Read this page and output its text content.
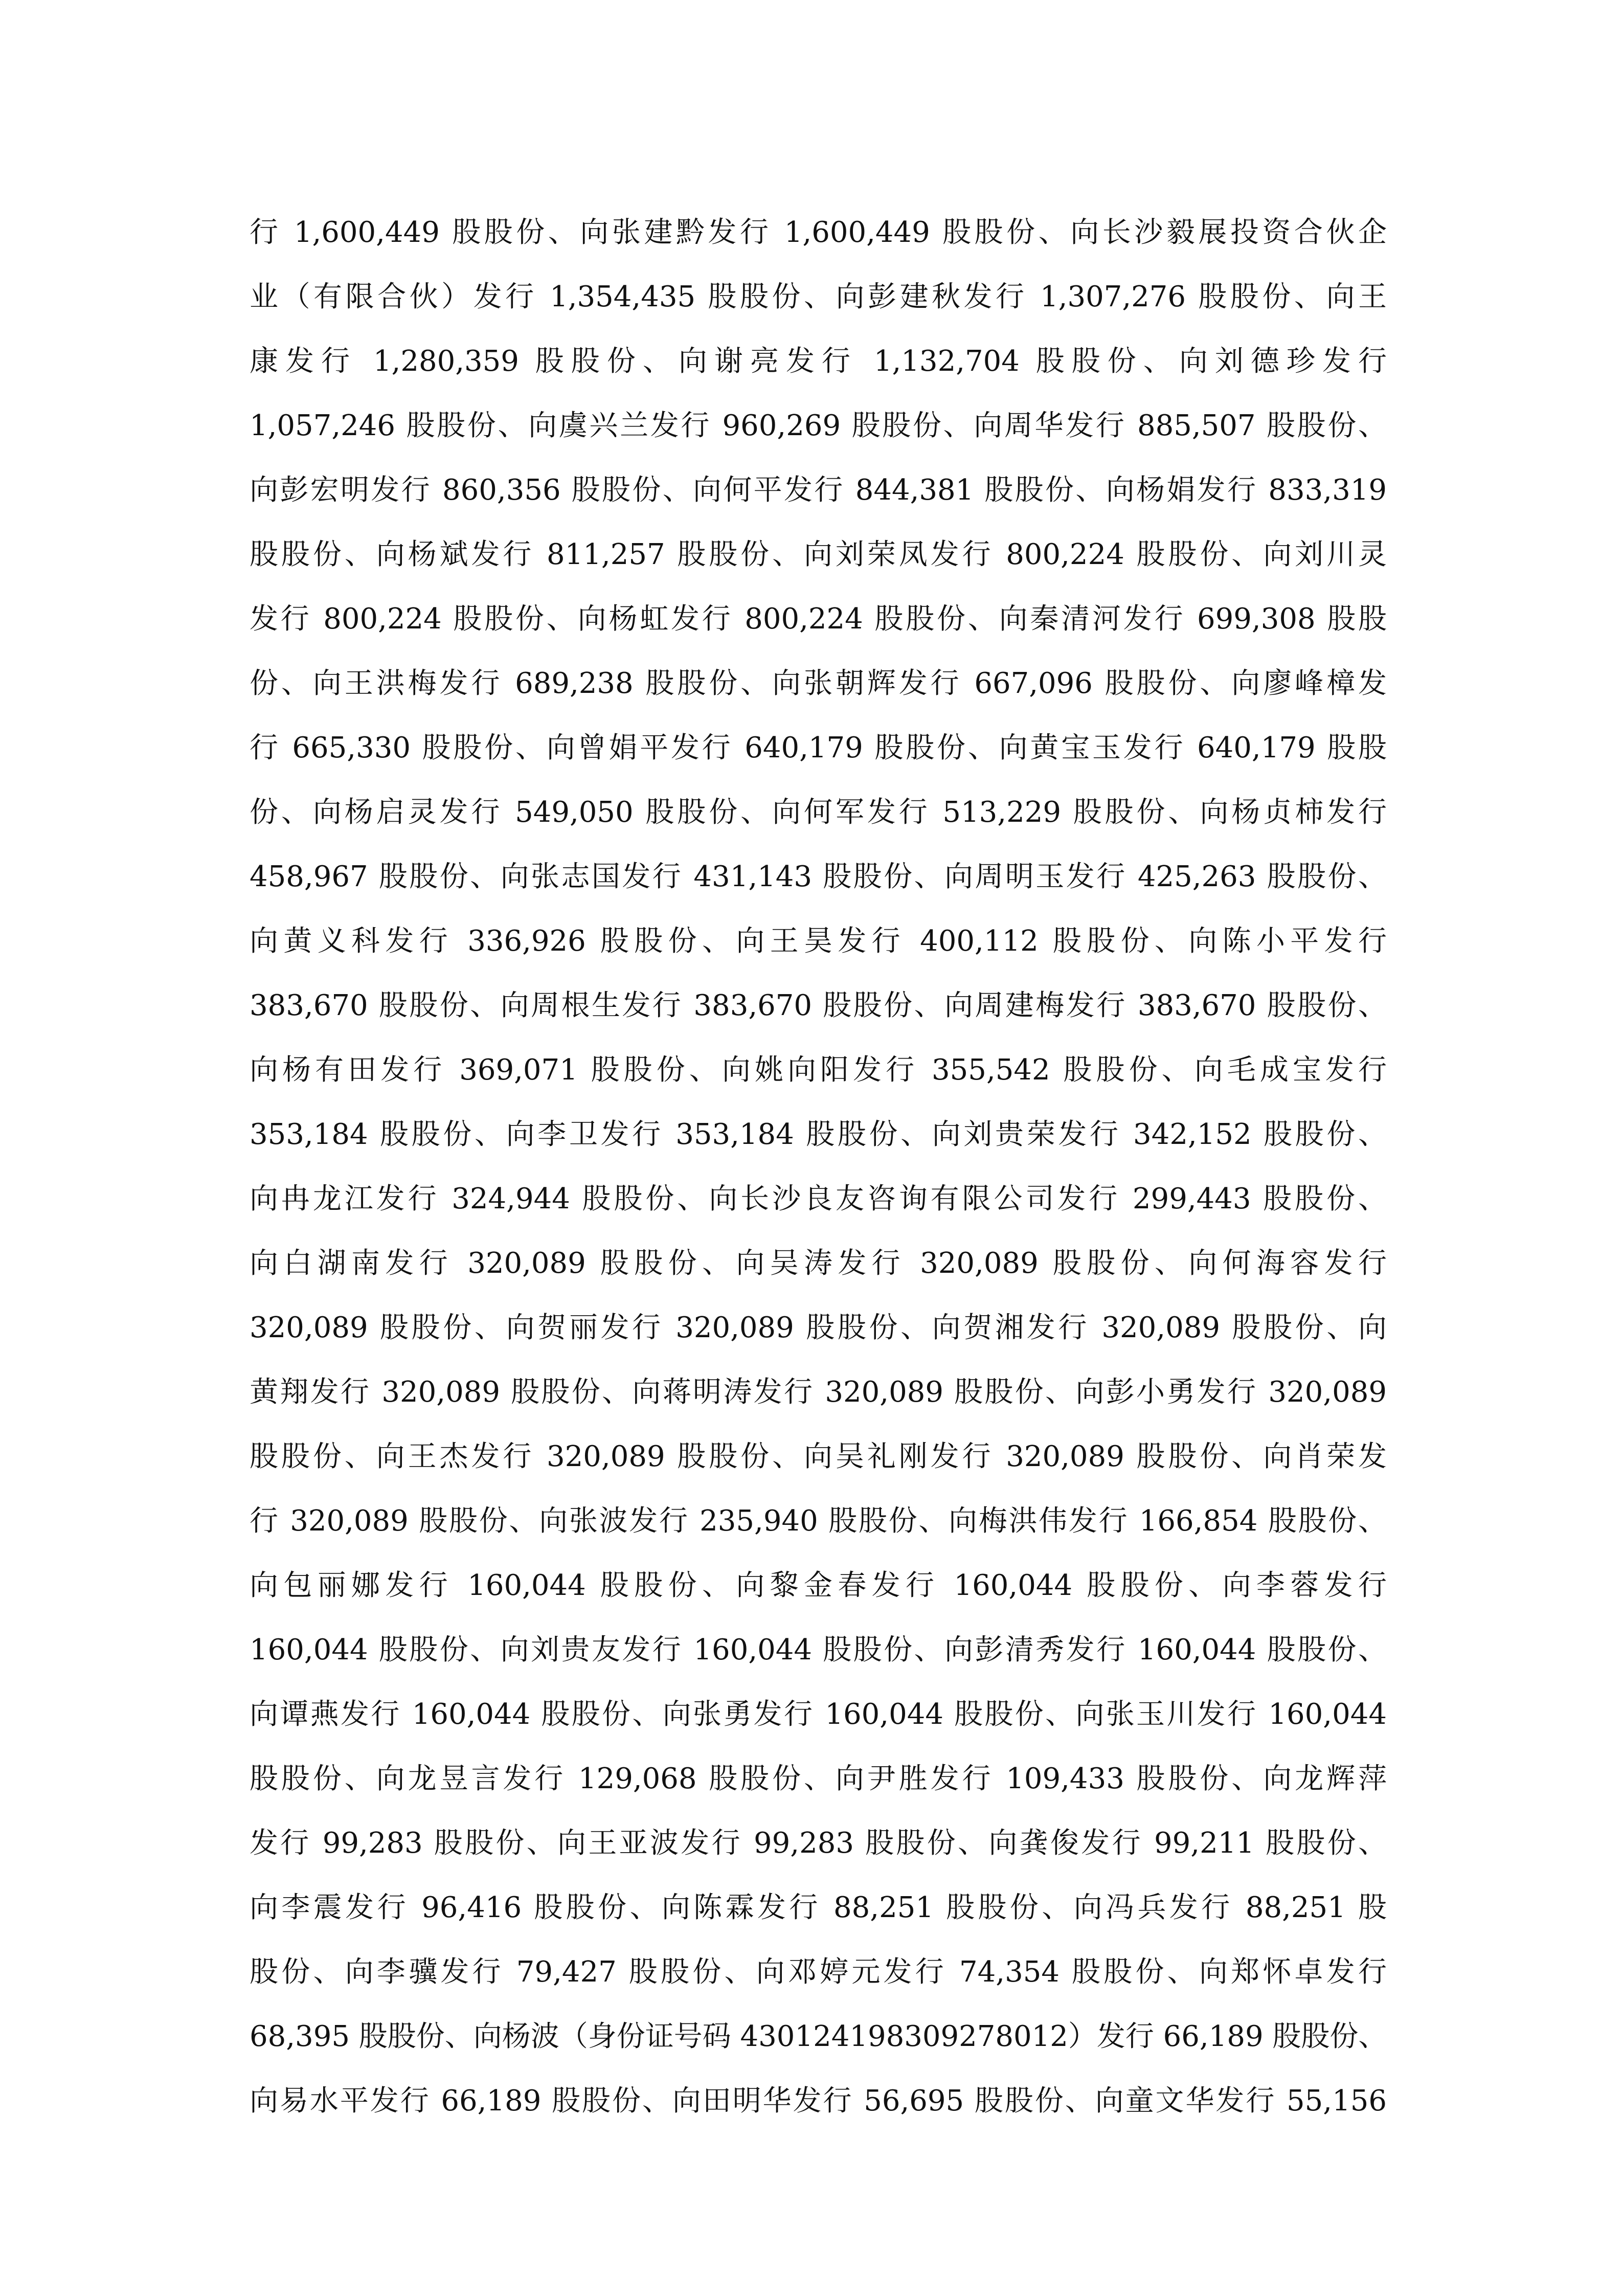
行 1,600,449 股股份、向张建黔发行 1,600,449 股股份、向长沙毅展投资合伙企
业（有限合伙）发行 1,354,435 股股份、向彭建秋发行 1,307,276 股股份、向王
康发行 1,280,359 股股份、向谢亮发行 1,132,704 股股份、向刘德珍发行
1,057,246 股股份、向虞兴兰发行 960,269 股股份、向周华发行 885,507 股股份、
向彭宏明发行 860,356 股股份、向何平发行 844,381 股股份、向杨娟发行 833,319
股股份、向杨斌发行 811,257 股股份、向刘荣凤发行 800,224 股股份、向刘川灵
发行 800,224 股股份、向杨虹发行 800,224 股股份、向秦清河发行 699,308 股股
份、向王洪梅发行 689,238 股股份、向张朝辉发行 667,096 股股份、向廖峰樟发
行 665,330 股股份、向曾娟平发行 640,179 股股份、向黄宝玉发行 640,179 股股
份、向杨启灵发行 549,050 股股份、向何军发行 513,229 股股份、向杨贞柿发行
458,967 股股份、向张志国发行 431,143 股股份、向周明玉发行 425,263 股股份、
向黄义科发行 336,926 股股份、向王昊发行 400,112 股股份、向陈小平发行
383,670 股股份、向周根生发行 383,670 股股份、向周建梅发行 383,670 股股份、
向杨有田发行 369,071 股股份、向姚向阳发行 355,542 股股份、向毛成宝发行
353,184 股股份、向李卫发行 353,184 股股份、向刘贵荣发行 342,152 股股份、
向冉龙江发行 324,944 股股份、向长沙良友咨询有限公司发行 299,443 股股份、
向白湖南发行 320,089 股股份、向吴涛发行 320,089 股股份、向何海容发行
320,089 股股份、向贺丽发行 320,089 股股份、向贺湘发行 320,089 股股份、向
黄翔发行 320,089 股股份、向蒋明涛发行 320,089 股股份、向彭小勇发行 320,089
股股份、向王杰发行 320,089 股股份、向吴礼刚发行 320,089 股股份、向肖荣发
行 320,089 股股份、向张波发行 235,940 股股份、向梅洪伟发行 166,854 股股份、
向包丽娜发行 160,044 股股份、向黎金春发行 160,044 股股份、向李蓉发行
160,044 股股份、向刘贵友发行 160,044 股股份、向彭清秀发行 160,044 股股份、
向谭燕发行 160,044 股股份、向张勇发行 160,044 股股份、向张玉川发行 160,044
股股份、向龙昱言发行 129,068 股股份、向尹胜发行 109,433 股股份、向龙辉萍
发行 99,283 股股份、向王亚波发行 99,283 股股份、向龚俊发行 99,211 股股份、
向李震发行 96,416 股股份、向陈霖发行 88,251 股股份、向冯兵发行 88,251 股
股份、向李骥发行 79,427 股股份、向邓婷元发行 74,354 股股份、向郑怀卓发行
68,395 股股份、向杨波（身份证号码 430124198309278012）发行 66,189 股股份、
向易水平发行 66,189 股股份、向田明华发行 56,695 股股份、向童文华发行 55,156
